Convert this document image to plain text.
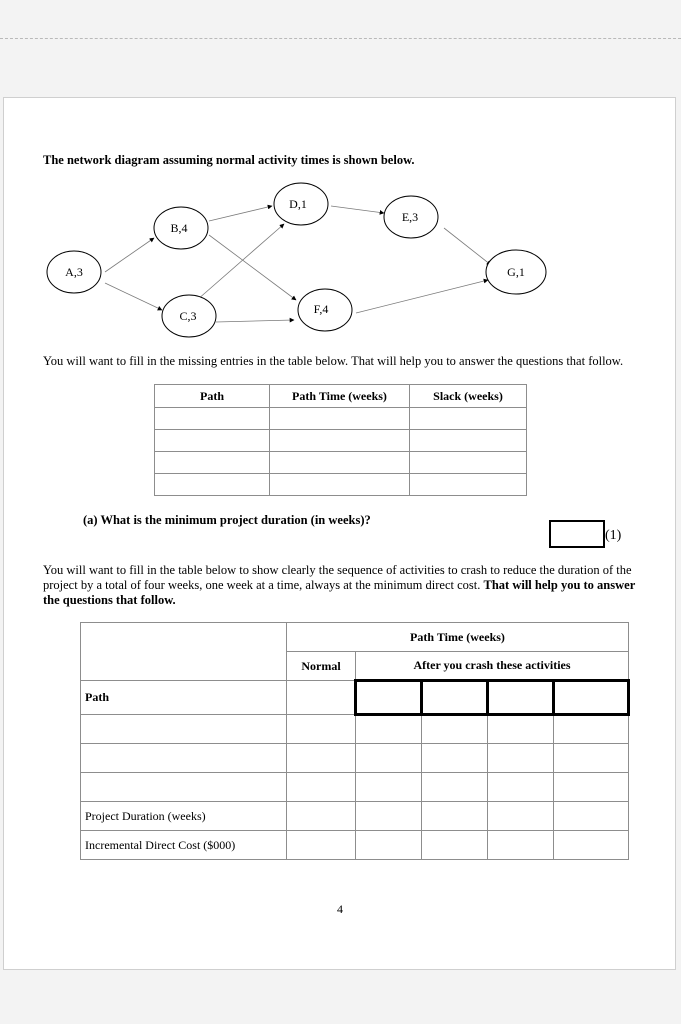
The network diagram assuming normal activity times is shown below.
A,3
B,4
C,3
D,1
E,3
F,4
G,1
You will want to fill in the missing entries in the table below. That will help you to answer the questions that follow.
Path	Path Time (weeks)	Slack (weeks)

(a) What is the minimum project duration (in weeks)?
(1)
You will want to fill in the table below to show clearly the sequence of activities to crash to reduce the duration of the project by a total of four weeks, one week at a time, always at the minimum direct cost. That will help you to answer the questions that follow.
	Path Time (weeks)				
	Normal	After you crash these activities			
Path					

Project Duration (weeks)					
Incremental Direct Cost ($000)					
4
